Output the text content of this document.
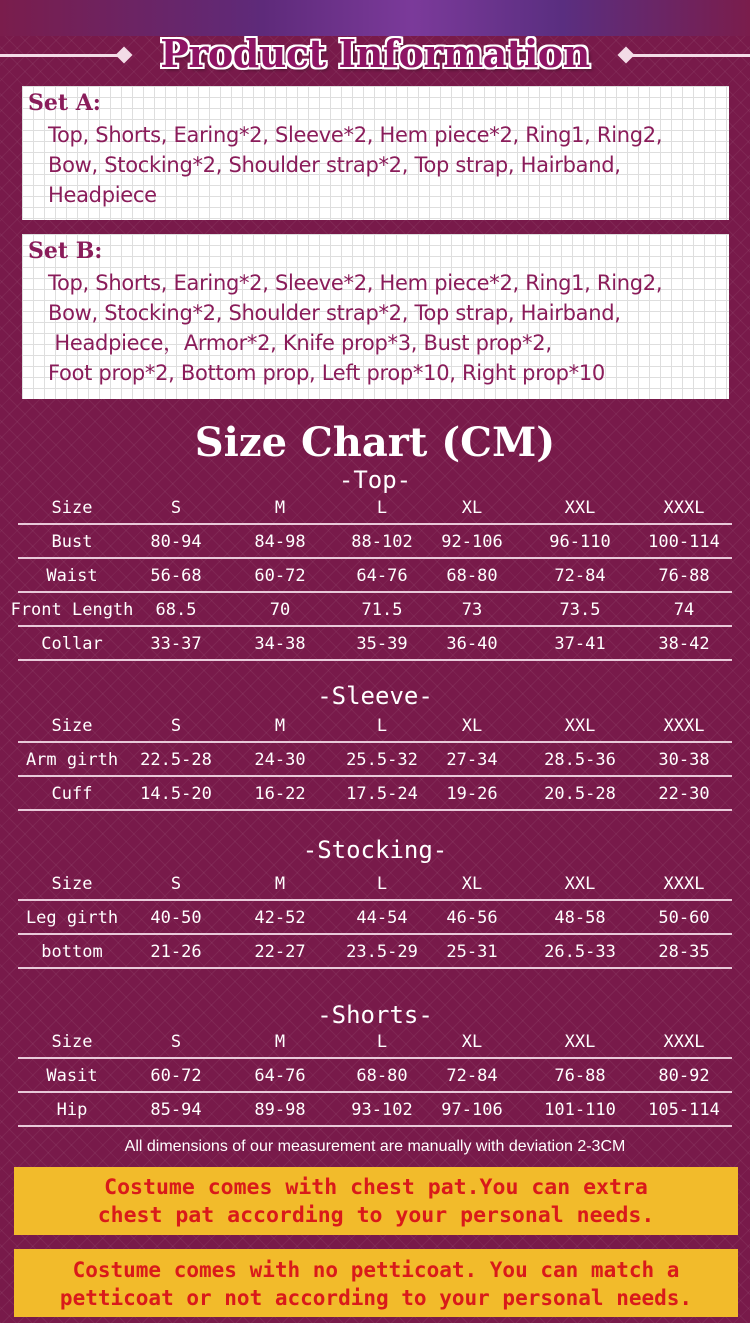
Product Information
Set A:
Top, Shorts, Earing*2, Sleeve*2, Hem piece*2, Ring1, Ring2,
Bow, Stocking*2, Shoulder strap*2, Top strap, Hairband,
Headpiece
Set B:
Top, Shorts, Earing*2, Sleeve*2, Hem piece*2, Ring1, Ring2,
Bow, Stocking*2, Shoulder strap*2, Top strap, Hairband,
Headpiece，Armor*2, Knife prop*3, Bust prop*2,
Foot prop*2, Bottom prop, Left prop*10, Right prop*10
Size Chart (CM)
-Top-
Size	S	M	L	XL	XXL	XXXL
Bust	80-94	84-98	88-102	92-106	96-110	100-114
Waist	56-68	60-72	64-76	68-80	72-84	76-88
Front Length	68.5	70	71.5	73	73.5	74
Collar	33-37	34-38	35-39	36-40	37-41	38-42
-Sleeve-
Size	S	M	L	XL	XXL	XXXL
Arm girth	22.5-28	24-30	25.5-32	27-34	28.5-36	30-38
Cuff	14.5-20	16-22	17.5-24	19-26	20.5-28	22-30
-Stocking-
Size	S	M	L	XL	XXL	XXXL
Leg girth	40-50	42-52	44-54	46-56	48-58	50-60
bottom	21-26	22-27	23.5-29	25-31	26.5-33	28-35
-Shorts-
Size	S	M	L	XL	XXL	XXXL
Wasit	60-72	64-76	68-80	72-84	76-88	80-92
Hip	85-94	89-98	93-102	97-106	101-110	105-114
All dimensions of our measurement are manually with deviation 2-3CM
Costume comes with chest pat.You can extra
chest pat according to your personal needs.
Costume comes with no petticoat. You can match a
petticoat or not according to your personal needs.
